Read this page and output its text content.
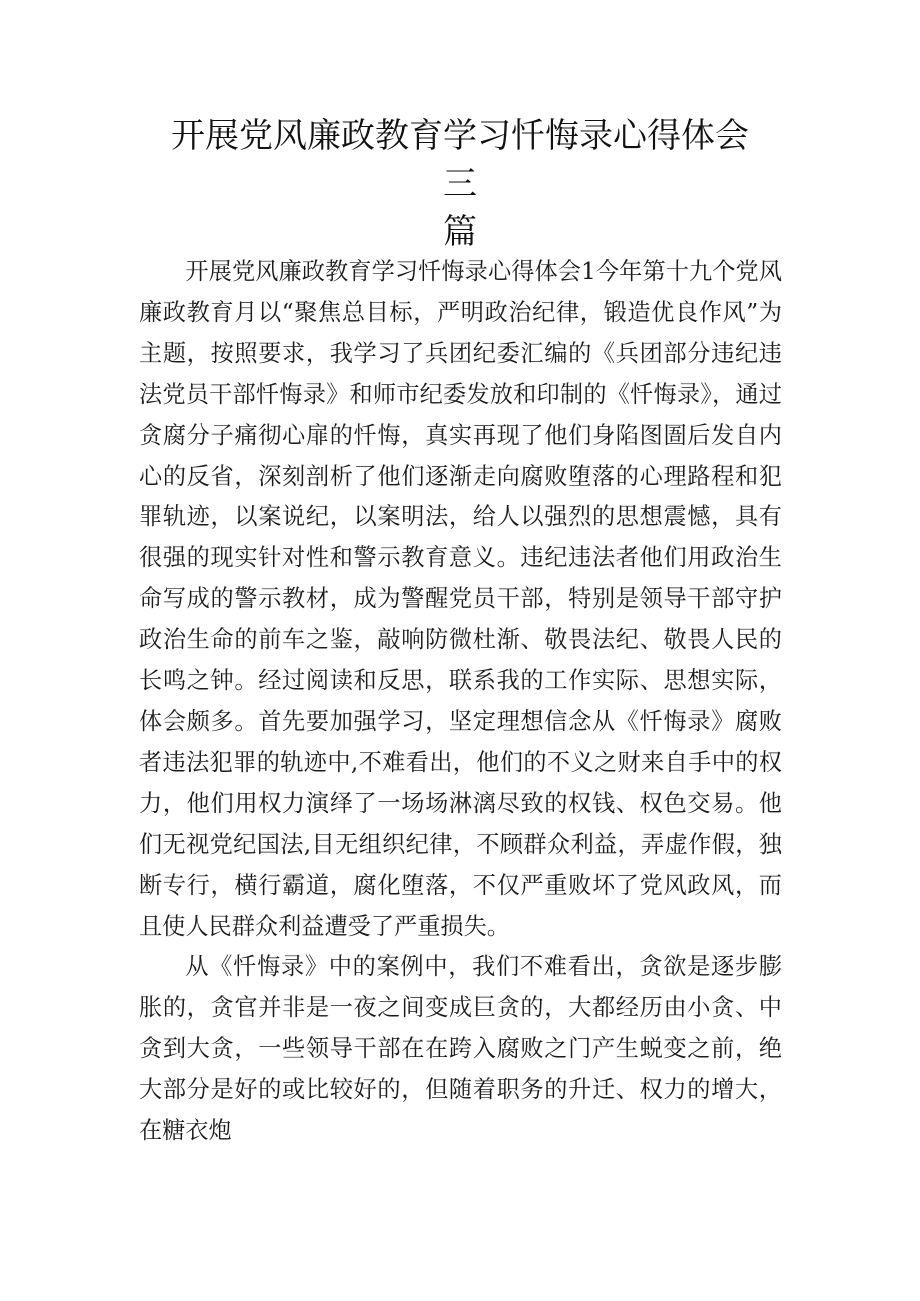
开展党风廉政教育学习忏悔录心得体会三
篇

开展党风廉政教育学习忏悔录心得体会1今年第十九个党风廉政教育月以“聚焦总目标，严明政治纪律，锻造优良作风”为主题，按照要求，我学习了兵团纪委汇编的《兵团部分违纪违法党员干部忏悔录》和师市纪委发放和印制的《忏悔录》，通过贪腐分子痛彻心扉的忏悔，真实再现了他们身陷图圄后发自内心的反省，深刻剖析了他们逐渐走向腐败堕落的心理路程和犯罪轨迹，以案说纪，以案明法，给人以强烈的思想震憾，具有很强的现实针对性和警示教育意义。违纪违法者他们用政治生命写成的警示教材，成为警醒党员干部，特别是领导干部守护政治生命的前车之鉴，敲响防微杜渐、敬畏法纪、敬畏人民的长鸣之钟。经过阅读和反思，联系我的工作实际、思想实际，体会颇多。首先要加强学习，坚定理想信念从《忏悔录》腐败者违法犯罪的轨迹中,不难看出，他们的不义之财来自手中的权力，他们用权力演绎了一场场淋漓尽致的权钱、权色交易。他们无视党纪国法,目无组织纪律，不顾群众利益，弄虚作假，独断专行，横行霸道，腐化堕落，不仅严重败坏了党风政风，而且使人民群众利益遭受了严重损失。

从《忏悔录》中的案例中，我们不难看出，贪欲是逐步膨胀的，贪官并非是一夜之间变成巨贪的，大都经历由小贪、中贪到大贪，一些领导干部在在跨入腐败之门产生蜕变之前，绝大部分是好的或比较好的，但随着职务的升迁、权力的增大，在糖衣炮
